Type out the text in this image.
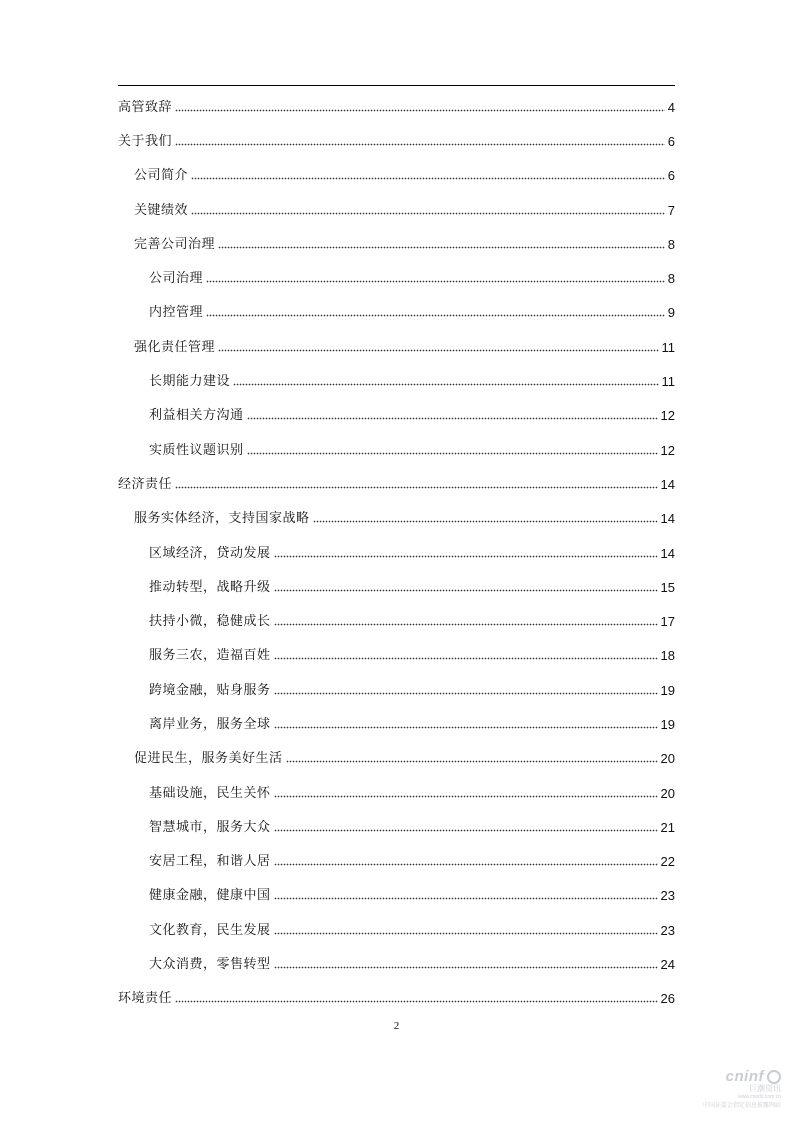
高管致辞	4
关于我们	6
公司简介	6
关键绩效	7
完善公司治理	8
公司治理	8
内控管理	9
强化责任管理	11
长期能力建设	11
利益相关方沟通	12
实质性议题识别	12
经济责任	14
服务实体经济，支持国家战略	14
区域经济，贷动发展	14
推动转型，战略升级	15
扶持小微，稳健成长	17
服务三农，造福百姓	18
跨境金融，贴身服务	19
离岸业务，服务全球	19
促进民生，服务美好生活	20
基础设施，民生关怀	20
智慧城市，服务大众	21
安居工程，和谐人居	22
健康金融，健康中国	23
文化教育，民生发展	23
大众消费，零售转型	24
环境责任	26
2
cninf
巨潮资讯
www.cninfo.com.cn
中国证监会指定信息披露网站
